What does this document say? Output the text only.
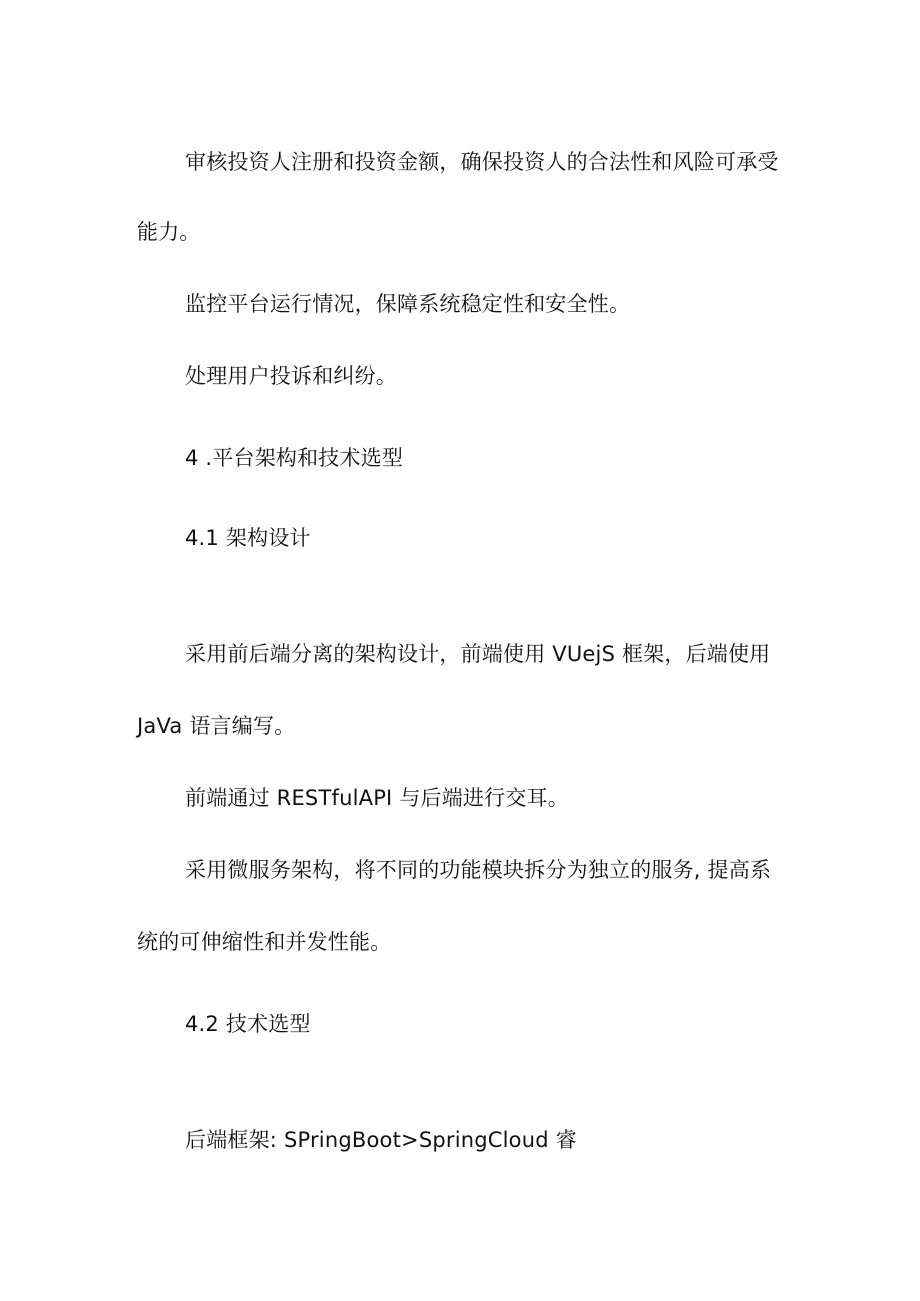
审核投资人注册和投资金额，确保投资人的合法性和风险可承受
能力。
监控平台运行情况，保障系统稳定性和安全性。
处理用户投诉和纠纷。
4 .平台架构和技术选型
4.1 架构设计
采用前后端分离的架构设计，前端使用 VUejS 框架，后端使用
JaVa 语言编写。
前端通过 RESTfulAPI 与后端进行交耳。
采用微服务架构，将不同的功能模块拆分为独立的服务, 提高系
统的可伸缩性和并发性能。
4.2 技术选型
后端框架: SPringBoot>SpringCloud 睿
